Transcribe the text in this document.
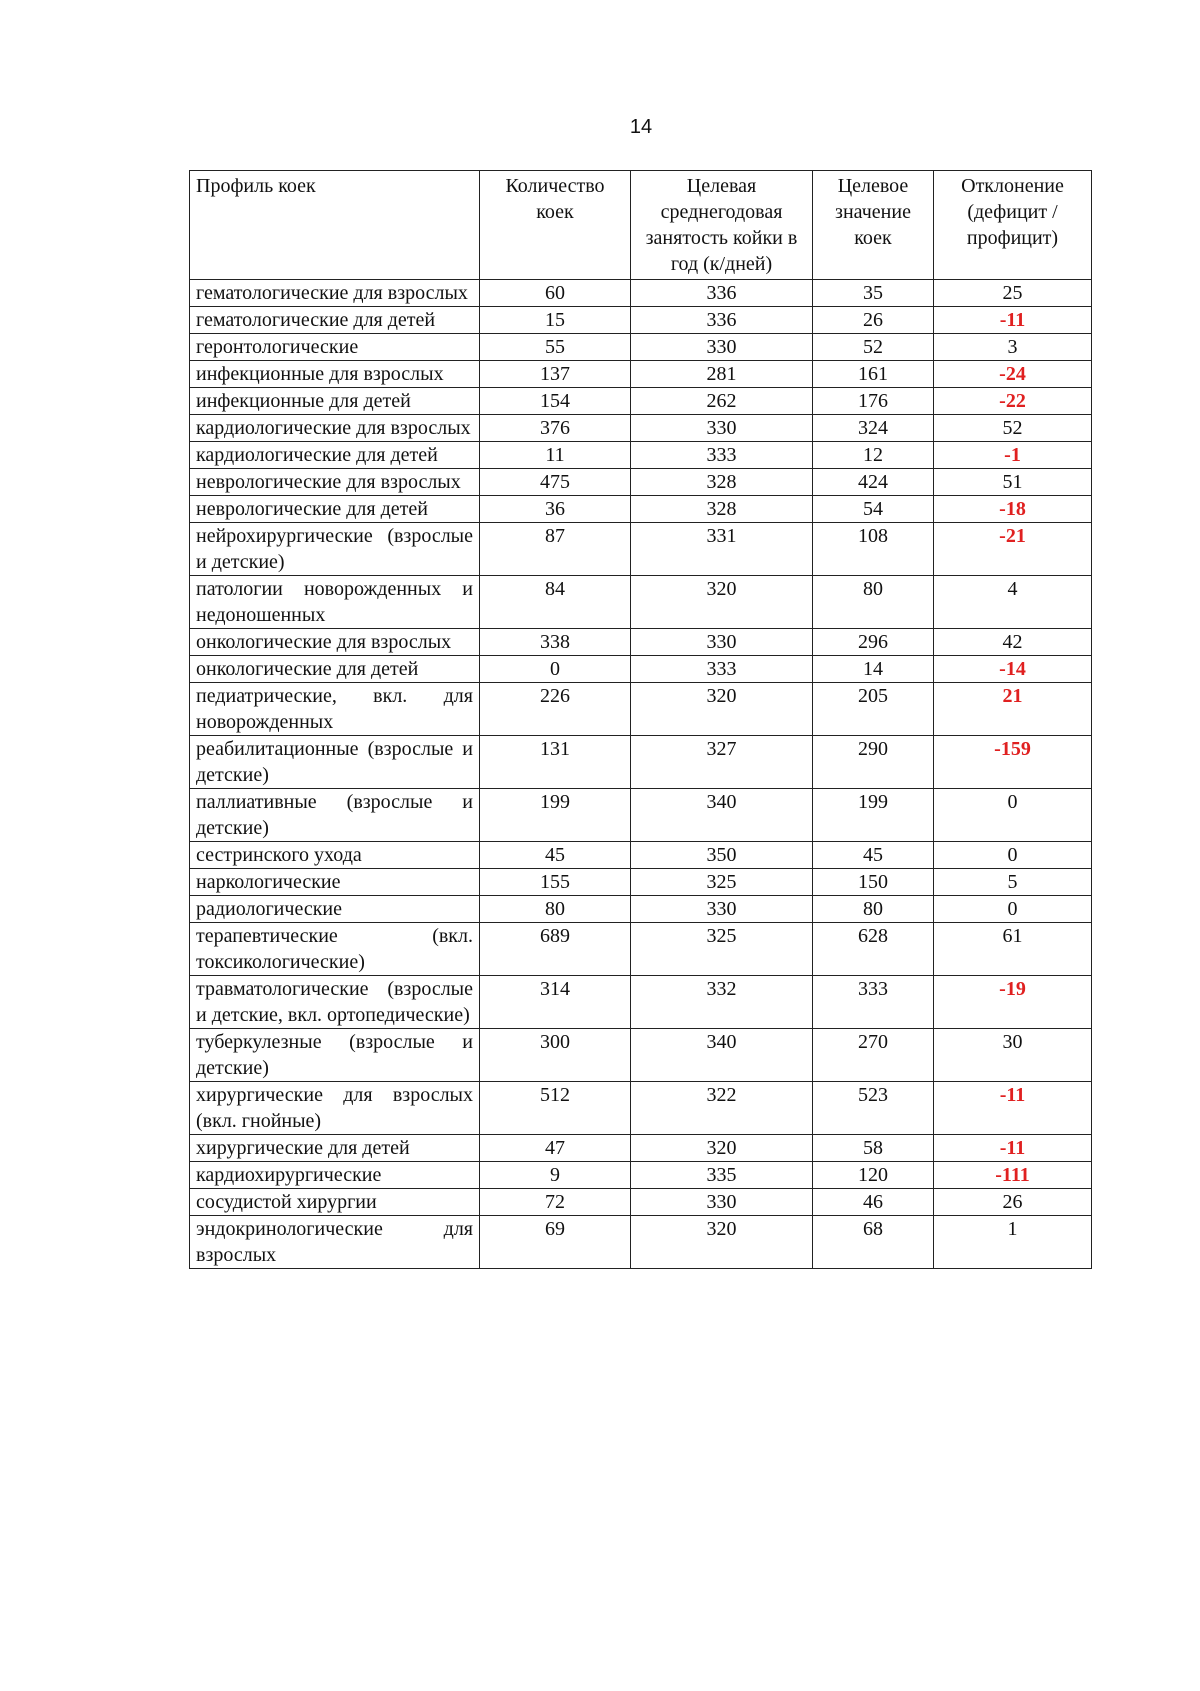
14
Профиль коек	Количество коек	Целевая среднегодовая занятость койки в год (к/дней)	Целевое значение коек	Отклонение (дефицит / профицит)
гематологические для взрослых	60	336	35	25
гематологические для детей	15	336	26	-11
геронтологические	55	330	52	3
инфекционные для взрослых	137	281	161	-24
инфекционные для детей	154	262	176	-22
кардиологические для взрослых	376	330	324	52
кардиологические для детей	11	333	12	-1
неврологические для взрослых	475	328	424	51
неврологические для детей	36	328	54	-18
нейрохирургические (взрослые и детские)	87	331	108	-21
патологии новорожденных и недоношенных	84	320	80	4
онкологические для взрослых	338	330	296	42
онкологические для детей	0	333	14	-14
педиатрические, вкл. для новорожденных	226	320	205	21
реабилитационные (взрослые и детские)	131	327	290	-159
паллиативные (взрослые и детские)	199	340	199	0
сестринского ухода	45	350	45	0
наркологические	155	325	150	5
радиологические	80	330	80	0
терапевтические (вкл. токсикологические)	689	325	628	61
травматологические (взрослые и детские, вкл. ортопедические)	314	332	333	-19
туберкулезные (взрослые и детские)	300	340	270	30
хирургические для взрослых (вкл. гнойные)	512	322	523	-11
хирургические для детей	47	320	58	-11
кардиохирургические	9	335	120	-111
сосудистой хирургии	72	330	46	26
эндокринологические для взрослых	69	320	68	1
